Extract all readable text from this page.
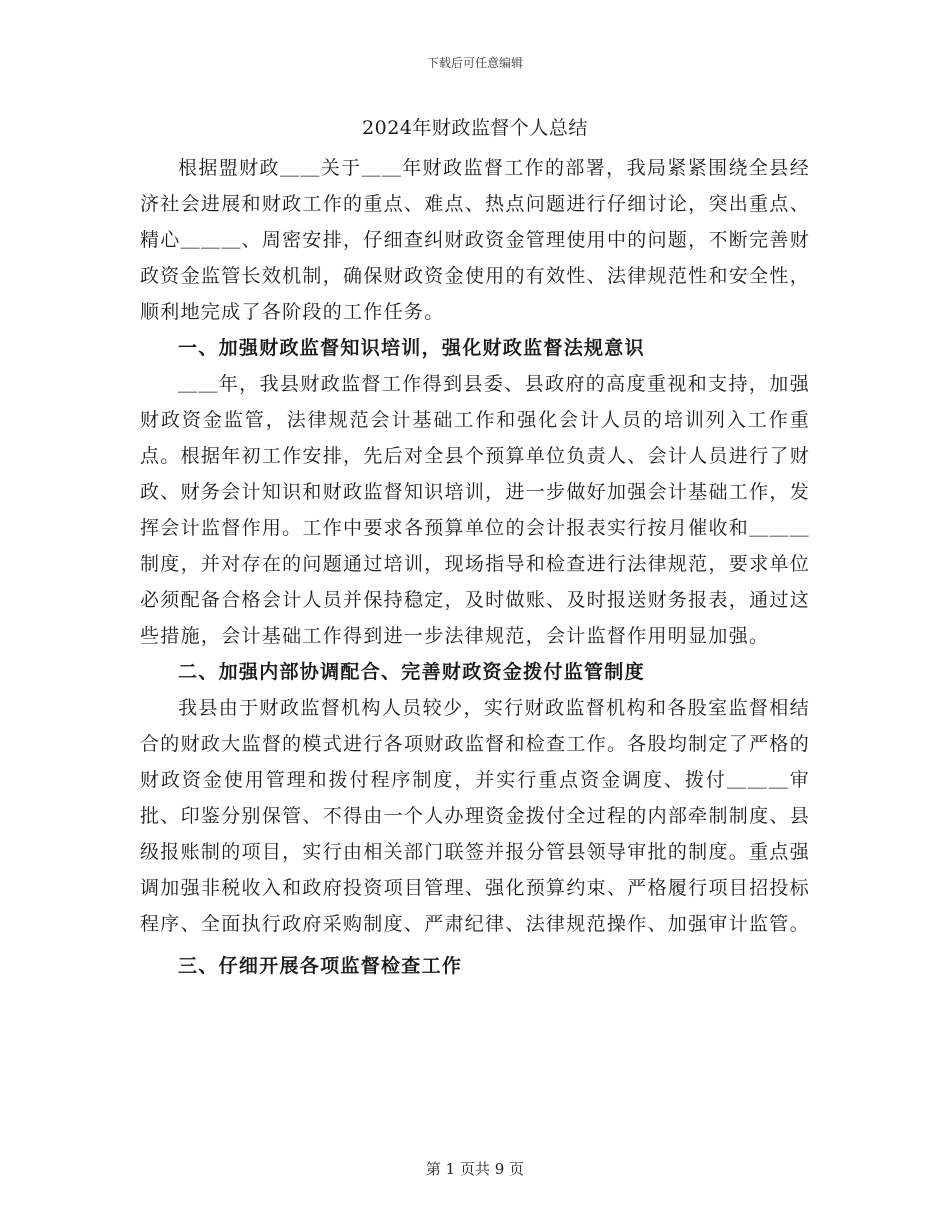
下载后可任意编辑
2024年财政监督个人总结

根据盟财政＿＿关于＿＿年财政监督工作的部署，我局紧紧围绕全县经济社会进展和财政工作的重点、难点、热点问题进行仔细讨论，突出重点、精心＿＿＿、周密安排，仔细查纠财政资金管理使用中的问题，不断完善财政资金监管长效机制，确保财政资金使用的有效性、法律规范性和安全性，顺利地完成了各阶段的工作任务。

一、加强财政监督知识培训，强化财政监督法规意识

＿＿年，我县财政监督工作得到县委、县政府的高度重视和支持，加强财政资金监管，法律规范会计基础工作和强化会计人员的培训列入工作重点。根据年初工作安排，先后对全县个预算单位负责人、会计人员进行了财政、财务会计知识和财政监督知识培训，进一步做好加强会计基础工作，发挥会计监督作用。工作中要求各预算单位的会计报表实行按月催收和＿＿＿制度，并对存在的问题通过培训，现场指导和检查进行法律规范，要求单位必须配备合格会计人员并保持稳定，及时做账、及时报送财务报表，通过这些措施，会计基础工作得到进一步法律规范，会计监督作用明显加强。

二、加强内部协调配合、完善财政资金拨付监管制度

我县由于财政监督机构人员较少，实行财政监督机构和各股室监督相结合的财政大监督的模式进行各项财政监督和检查工作。各股均制定了严格的财政资金使用管理和拨付程序制度，并实行重点资金调度、拨付＿＿＿审批、印鉴分别保管、不得由一个人办理资金拨付全过程的内部牵制制度、县级报账制的项目，实行由相关部门联签并报分管县领导审批的制度。重点强调加强非税收入和政府投资项目管理、强化预算约束、严格履行项目招投标程序、全面执行政府采购制度、严肃纪律、法律规范操作、加强审计监管。

三、仔细开展各项监督检查工作

第 1 页共 9 页
